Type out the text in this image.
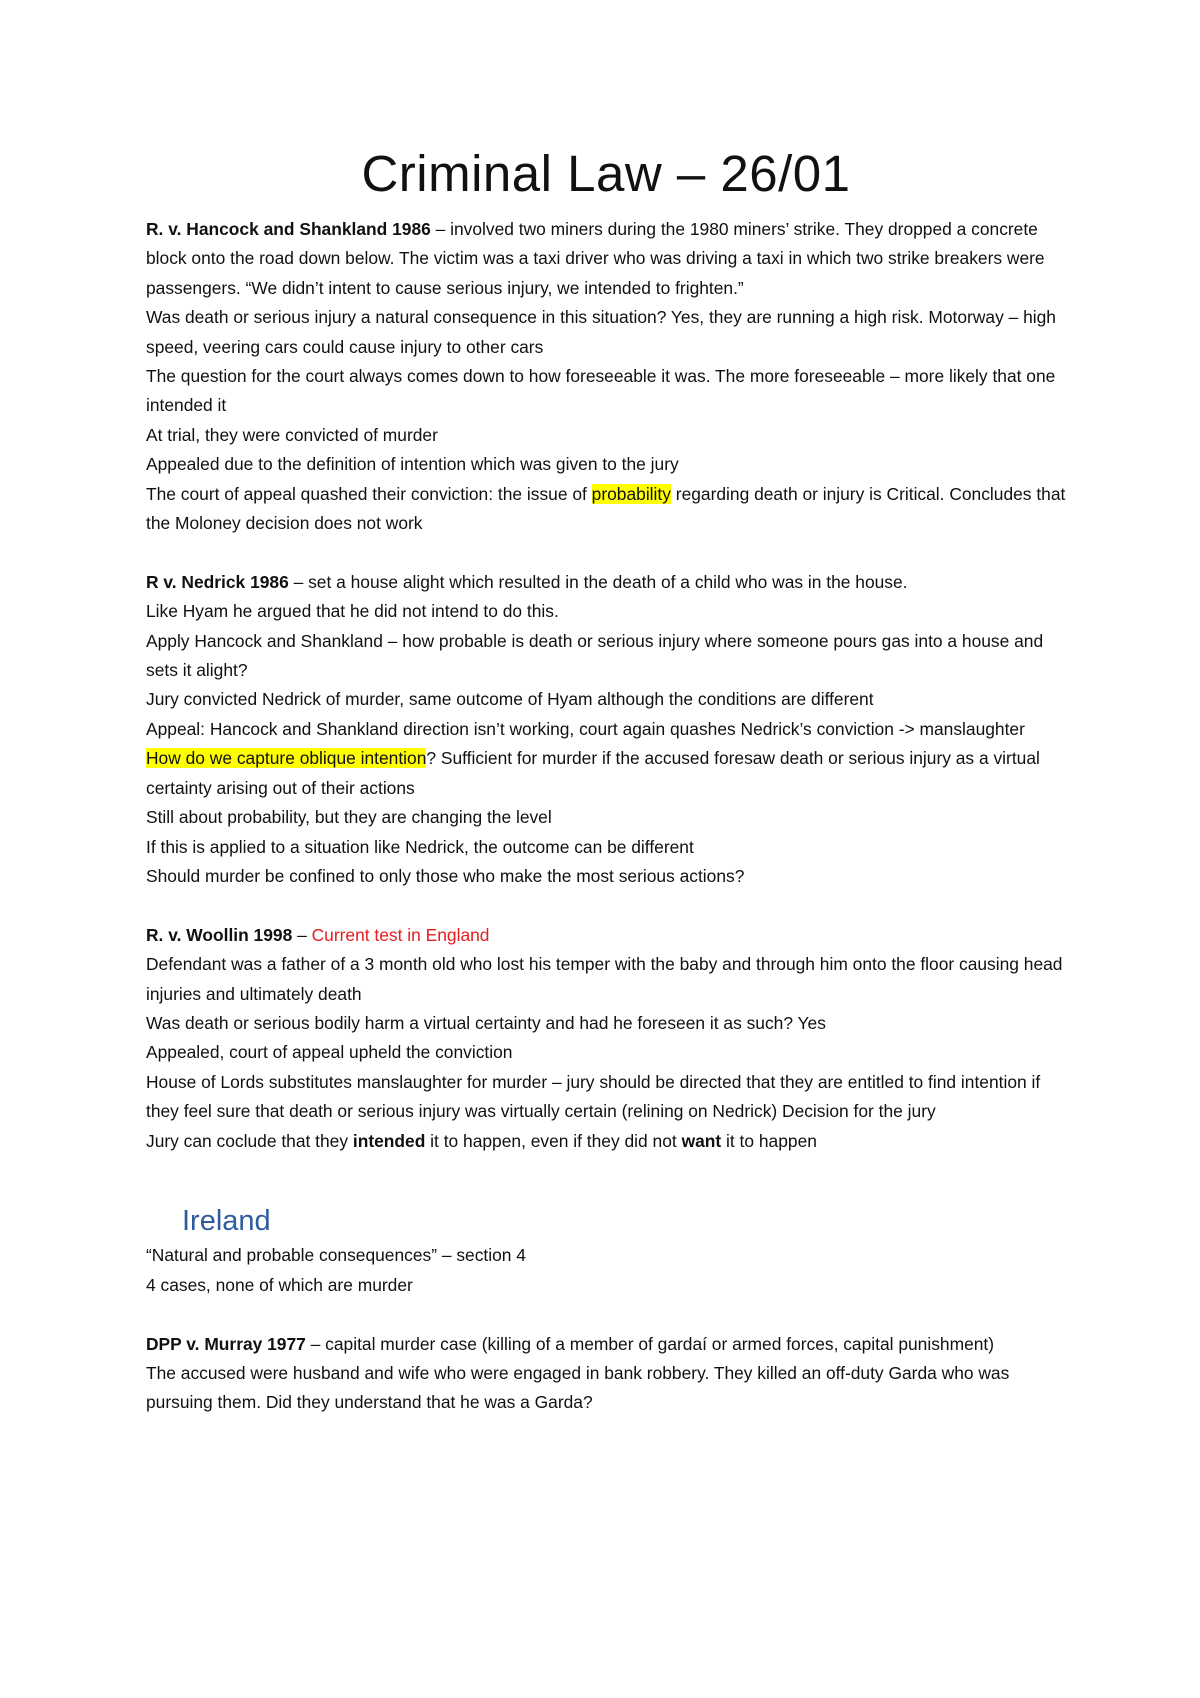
Criminal Law – 26/01

R. v. Hancock and Shankland 1986 – involved two miners during the 1980 miners’ strike. They dropped a concrete block onto the road down below. The victim was a taxi driver who was driving a taxi in which two strike breakers were passengers. “We didn’t intent to cause serious injury, we intended to frighten.”

Was death or serious injury a natural consequence in this situation? Yes, they are running a high risk. Motorway – high speed, veering cars could cause injury to other cars

The question for the court always comes down to how foreseeable it was. The more foreseeable – more likely that one intended it

At trial, they were convicted of murder

Appealed due to the definition of intention which was given to the jury

The court of appeal quashed their conviction: the issue of probability regarding death or injury is Critical. Concludes that the Moloney decision does not work

R v. Nedrick 1986 – set a house alight which resulted in the death of a child who was in the house.

Like Hyam he argued that he did not intend to do this.

Apply Hancock and Shankland – how probable is death or serious injury where someone pours gas into a house and sets it alight?

Jury convicted Nedrick of murder, same outcome of Hyam although the conditions are different

Appeal: Hancock and Shankland direction isn’t working, court again quashes Nedrick’s conviction -> manslaughter

How do we capture oblique intention? Sufficient for murder if the accused foresaw death or serious injury as a virtual certainty arising out of their actions

Still about probability, but they are changing the level

If this is applied to a situation like Nedrick, the outcome can be different

Should murder be confined to only those who make the most serious actions?

R. v. Woollin 1998 – Current test in England

Defendant was a father of a 3 month old who lost his temper with the baby and through him onto the floor causing head injuries and ultimately death

Was death or serious bodily harm a virtual certainty and had he foreseen it as such? Yes

Appealed, court of appeal upheld the conviction

House of Lords substitutes manslaughter for murder – jury should be directed that they are entitled to find intention if they feel sure that death or serious injury was virtually certain (relining on Nedrick) Decision for the jury

Jury can coclude that they intended it to happen, even if they did not want it to happen

Ireland

“Natural and probable consequences” – section 4

4 cases, none of which are murder

DPP v. Murray 1977 – capital murder case (killing of a member of gardaí or armed forces, capital punishment)

The accused were husband and wife who were engaged in bank robbery. They killed an off-duty Garda who was pursuing them. Did they understand that he was a Garda?
